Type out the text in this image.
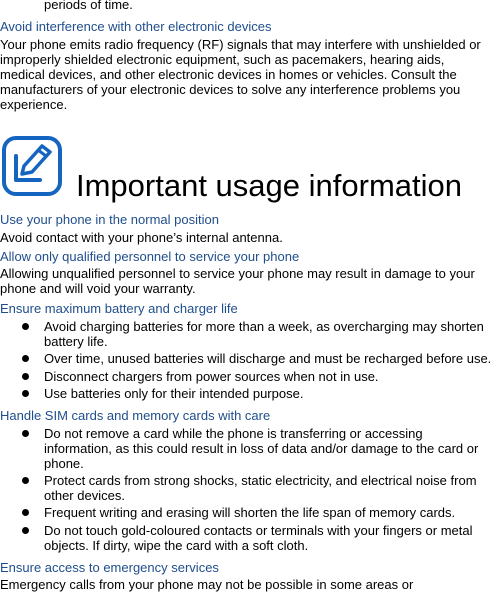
periods of time.
Avoid interference with other electronic devices
Your phone emits radio frequency (RF) signals that may interfere with unshielded or
improperly shielded electronic equipment, such as pacemakers, hearing aids,
medical devices, and other electronic devices in homes or vehicles. Consult the
manufacturers of your electronic devices to solve any interference problems you
experience.
Important usage information
Use your phone in the normal position
Avoid contact with your phone’s internal antenna.
Allow only qualified personnel to service your phone
Allowing unqualified personnel to service your phone may result in damage to your
phone and will void your warranty.
Ensure maximum battery and charger life
Avoid charging batteries for more than a week, as overcharging may shorten
battery life.
Over time, unused batteries will discharge and must be recharged before use.
Disconnect chargers from power sources when not in use.
Use batteries only for their intended purpose.
Handle SIM cards and memory cards with care
Do not remove a card while the phone is transferring or accessing
information, as this could result in loss of data and/or damage to the card or
phone.
Protect cards from strong shocks, static electricity, and electrical noise from
other devices.
Frequent writing and erasing will shorten the life span of memory cards.
Do not touch gold-coloured contacts or terminals with your fingers or metal
objects. If dirty, wipe the card with a soft cloth.
Ensure access to emergency services
Emergency calls from your phone may not be possible in some areas or
